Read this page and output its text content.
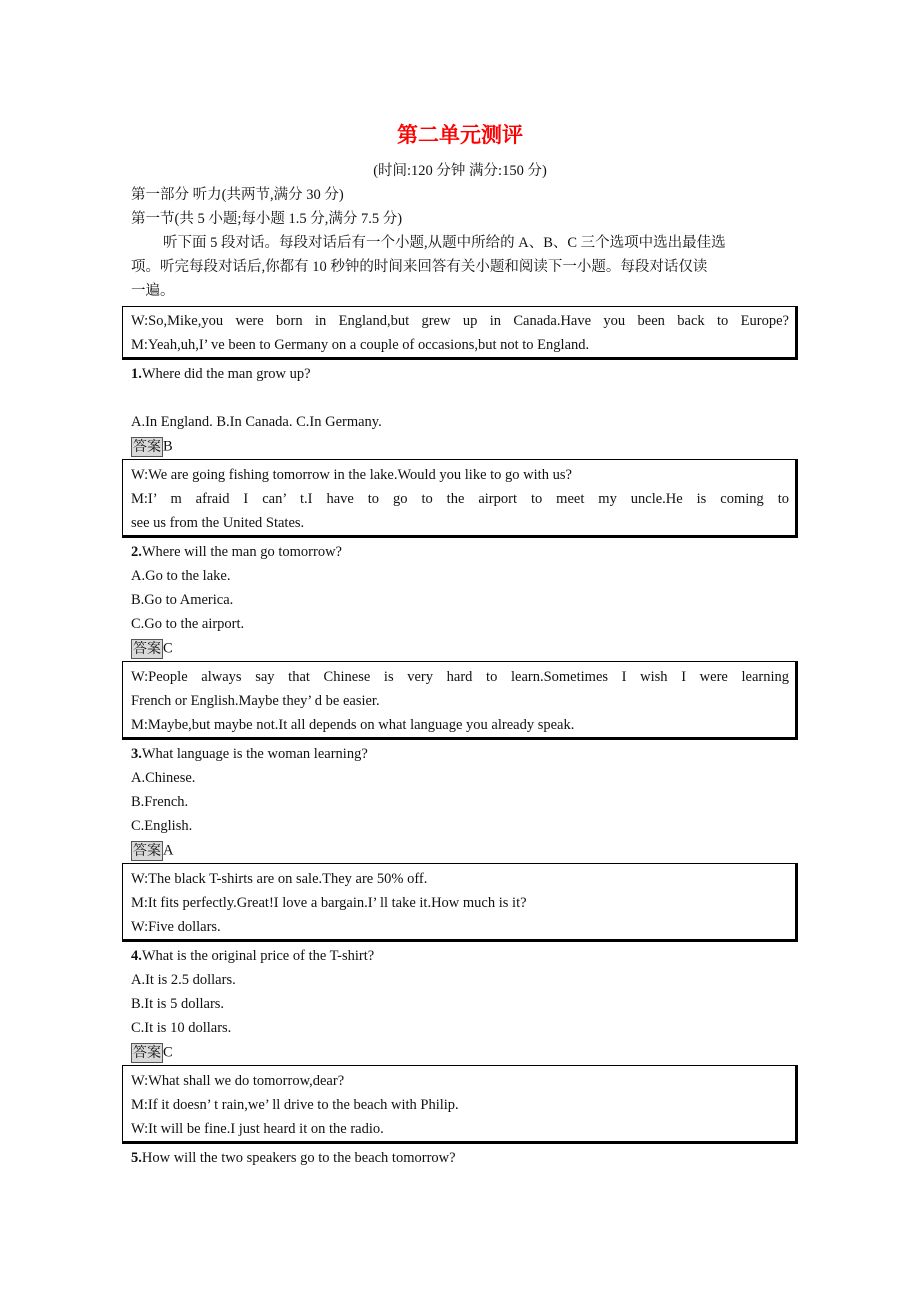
第二单元测评
(时间:120 分钟 满分:150 分)
第一部分 听力(共两节,满分 30 分)
第一节(共 5 小题;每小题 1.5 分,满分 7.5 分)
听下面 5 段对话。每段对话后有一个小题,从题中所给的 A、B、C 三个选项中选出最佳选
项。听完每段对话后,你都有 10 秒钟的时间来回答有关小题和阅读下一小题。每段对话仅读
一遍。
W:So,Mike,you were born in England,but grew up in Canada.Have you been back to Europe?
M:Yeah,uh,I’ ve been to Germany on a couple of occasions,but not to England.
1.Where did the man grow up?
A.In England. B.In Canada. C.In Germany.
答案 B
W:We are going fishing tomorrow in the lake.Would you like to go with us?
M:I’ m afraid I can’ t.I have to go to the airport to meet my uncle.He is coming to
see us from the United States.
2.Where will the man go tomorrow?
A.Go to the lake.
B.Go to America.
C.Go to the airport.
答案 C
W:People always say that Chinese is very hard to learn.Sometimes I wish I were learning
French or English.Maybe they’ d be easier.
M:Maybe,but maybe not.It all depends on what language you already speak.
3.What language is the woman learning?
A.Chinese.
B.French.
C.English.
答案 A
W:The black T-shirts are on sale.They are 50% off.
M:It fits perfectly.Great!I love a bargain.I’ ll take it.How much is it?
W:Five dollars.
4.What is the original price of the T-shirt?
A.It is 2.5 dollars.
B.It is 5 dollars.
C.It is 10 dollars.
答案 C
W:What shall we do tomorrow,dear?
M:If it doesn’ t rain,we’ ll drive to the beach with Philip.
W:It will be fine.I just heard it on the radio.
5.How will the two speakers go to the beach tomorrow?
